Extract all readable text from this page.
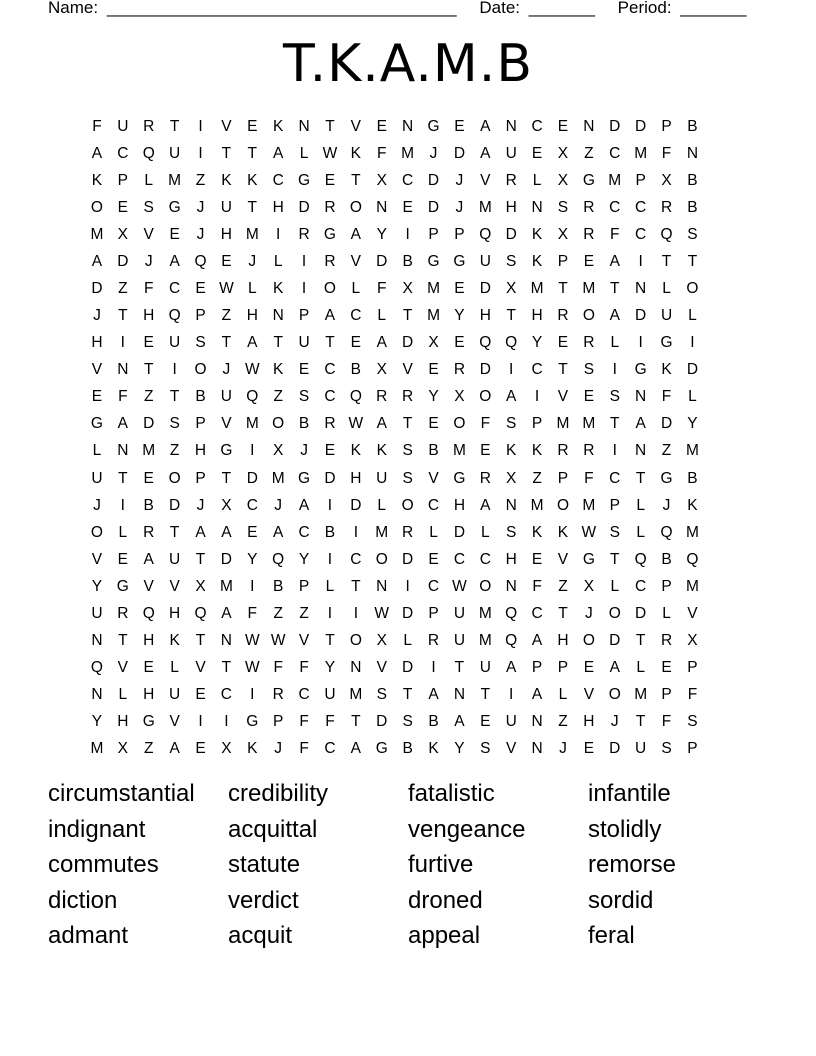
Name: _____________________________________ Date: _______ Period: _______
T.K.A.M.B
F	U R	T	I	V	E	K N	T	V	E N G E	A N C E N D D P	B
A C Q U	I	T	T	A	L W K	F M	J	D A U E	X	Z	C M F	N
K	P	L M Z	K	K C G E	T	X C D	J	V R	L	X G M P	X	B
O E	S G	J	U	T	H D R O N E D	J	M H N S R C C R B
M X	V	E	J	H M	I	R G A	Y	I	P	P Q D K	X R	F	C Q S
A D	J	A Q E	J	L	I	R V D B G G U S	K	P	E	A	I	T	T
D	Z	F	C E W L	K	I	O	L	F	X M E D X M T M T	N	L	O
J	T	H Q P	Z	H N P	A C	L	T M Y H	T	H R O A D U	L
H	I	E U S	T	A	T	U	T	E	A D X	E Q Q Y	E R	L	I	G	I
V N	T	I	O	J W K	E C B	X	V	E R D	I	C	T	S	I	G K D
E	F	Z	T	B U Q Z	S C Q R R Y	X O A	I	V	E	S N	F	L
G A D S	P	V M O B R W A	T	E O F	S	P M M T	A D Y
L	N M Z	H G	I	X	J	E	K	K	S	B M E	K	K R R	I	N	Z M
U	T	E O P	T	D M G D H U S	V G R X	Z	P	F	C	T G B
J	I	B D	J	X C	J	A	I	D	L	O C H A N M O M P	L	J	K
O	L	R	T	A	A	E	A C B	I	M R	L	D	L	S	K	K W S	L	Q M
V	E	A U	T	D Y Q Y	I	C O D E C C H E	V G T Q B Q
Y G V	V	X M	I	B	P	L	T	N	I	C W O N	F	Z	X	L	C P M
U R Q H Q A	F	Z	Z	I	I	W D P U M Q C	T	J	O D	L	V
N	T	H K	T	N W W V	T O X	L	R U M Q A H O D	T	R X
Q V	E	L	V	T W F	F	Y N V D	I	T	U A	P	P	E	A	L	E	P
N	L	H U E C	I	R C U M S	T	A N	T	I	A	L	V O M P	F
Y H G V	I	I	G P	F	F	T	D S	B	A	E U N	Z	H	J	T	F	S
M X	Z	A	E	X	K	J	F	C A G B	K	Y	S	V N	J	E D U S	P
circumstantial	credibility	fatalistic	infantile
indignant	acquittal	vengeance	stolidly
commutes	statute	furtive	remorse
diction	verdict	droned	sordid
admant	acquit	appeal	feral
